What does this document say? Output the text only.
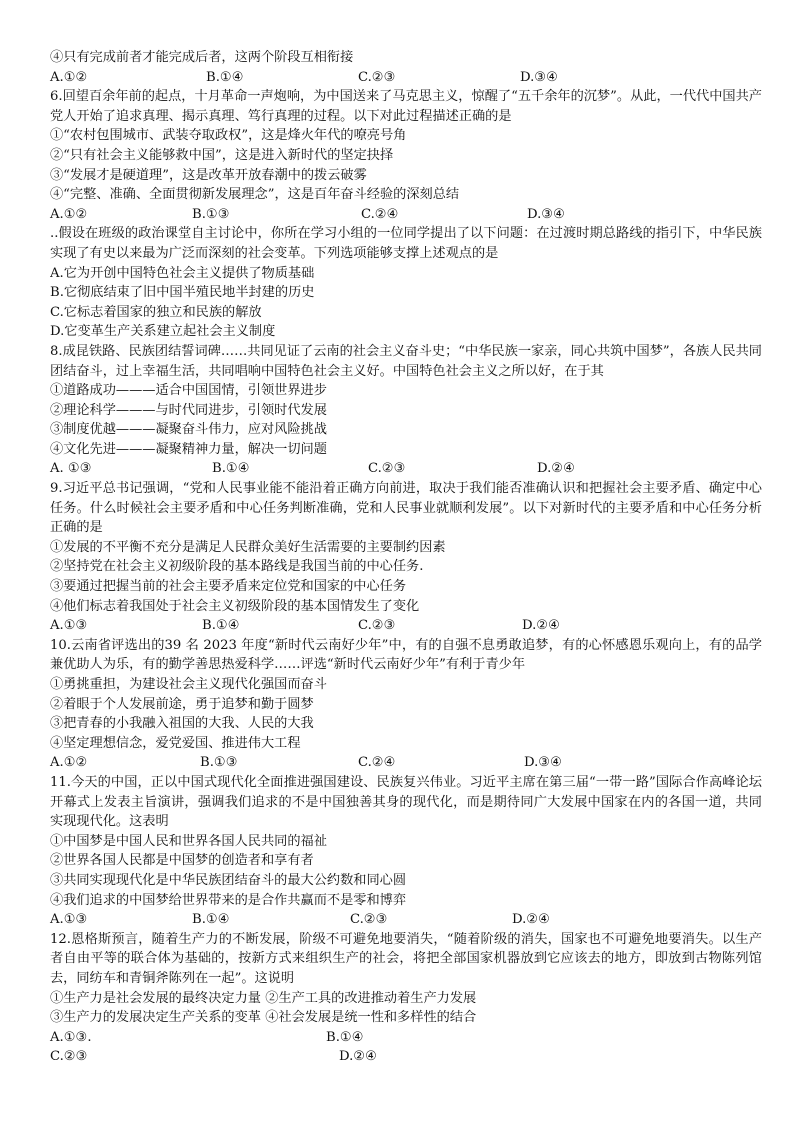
④只有完成前者才能完成后者，这两个阶段互相衔接
A.①②	B.①④	C.②③	D.③④
6.回望百余年前的起点，十月革命一声炮响，为中国送来了马克思主义，惊醒了“五千余年的沉梦”。从此，一代代中国共产党人开始了追求真理、揭示真理、笃行真理的过程。以下对此过程描述正确的是
①“农村包围城市、武装夺取政权”，这是烽火年代的嘹亮号角
②“只有社会主义能够救中国”，这是进入新时代的坚定抉择
③“发展才是硬道理”，这是改革开放春潮中的拨云破雾
④“完整、准确、全面贯彻新发展理念”，这是百年奋斗经验的深刻总结
A.①②	B.①③	C.②④	D.③④
..假设在班级的政治课堂自主讨论中，你所在学习小组的一位同学提出了以下问题：在过渡时期总路线的指引下，中华民族实现了有史以来最为广泛而深刻的社会变革。下列选项能够支撑上述观点的是
A.它为开创中国特色社会主义提供了物质基础
B.它彻底结束了旧中国半殖民地半封建的历史
C.它标志着国家的独立和民族的解放
D.它变革生产关系建立起社会主义制度
8.成昆铁路、民族团结誓词碑……共同见证了云南的社会主义奋斗史；“中华民族一家亲，同心共筑中国梦”，各族人民共同团结奋斗，过上幸福生活，共同唱响中国特色社会主义好。中国特色社会主义之所以好，在于其
①道路成功———适合中国国情，引领世界进步
②理论科学———与时代同进步，引领时代发展
③制度优越———凝聚奋斗伟力，应对风险挑战
④文化先进———凝聚精神力量，解决一切问题
A. ①③	B.①④	C.②③	D.②④
9.习近平总书记强调，“党和人民事业能不能沿着正确方向前进，取决于我们能否准确认识和把握社会主要矛盾、确定中心任务。什么时候社会主要矛盾和中心任务判断准确，党和人民事业就顺利发展”。以下对新时代的主要矛盾和中心任务分析正确的是
①发展的不平衡不充分是满足人民群众美好生活需要的主要制约因素
②坚持党在社会主义初级阶段的基本路线是我国当前的中心任务.
③要通过把握当前的社会主要矛盾来定位党和国家的中心任务
④他们标志着我国处于社会主义初级阶段的基本国情发生了变化
A.①③	B.①④	C.②③	D.②④
10.云南省评选出的39 名 2023 年度“新时代云南好少年”中，有的自强不息勇敢追梦，有的心怀感恩乐观向上，有的品学兼优助人为乐，有的勤学善思热爱科学……评选“新时代云南好少年”有利于青少年
①勇挑重担，为建设社会主义现代化强国而奋斗
②着眼于个人发展前途，勇于追梦和勤于圆梦
③把青春的小我融入祖国的大我、人民的大我
④坚定理想信念，爱党爱国、推进伟大工程
A.①②	B.①③	C.②④	D.③④
11.今天的中国，正以中国式现代化全面推进强国建设、民族复兴伟业。习近平主席在第三届“一带一路”国际合作高峰论坛开幕式上发表主旨演讲，强调我们追求的不是中国独善其身的现代化，而是期待同广大发展中国家在内的各国一道，共同实现现代化。这表明
①中国梦是中国人民和世界各国人民共同的福祉
②世界各国人民都是中国梦的创造者和享有者
③共同实现现代化是中华民族团结奋斗的最大公约数和同心圆
④我们追求的中国梦给世界带来的是合作共赢而不是零和博弈
A.①③	B.①④	C.②③	D.②④
12.恩格斯预言，随着生产力的不断发展，阶级不可避免地要消失，“随着阶级的消失，国家也不可避免地要消失。以生产者自由平等的联合体为基础的，按新方式来组织生产的社会，将把全部国家机器放到它应该去的地方，即放到古物陈列馆去，同纺车和青铜斧陈列在一起”。这说明
①生产力是社会发展的最终决定力量 ②生产工具的改进推动着生产力发展
③生产力的发展决定生产关系的变革 ④社会发展是统一性和多样性的结合
A.①③.	B.①④
C.②③	D.②④
